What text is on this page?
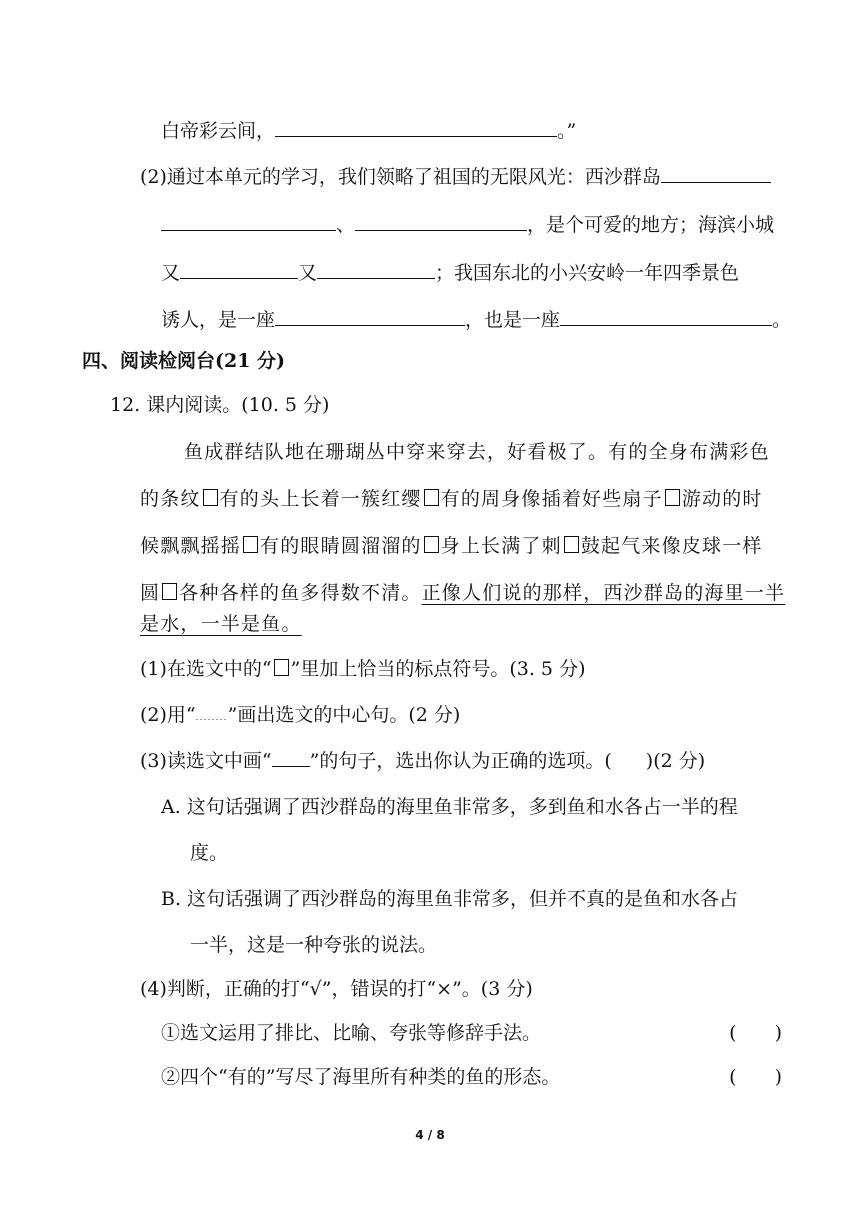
白帝彩云间，	。”
(2)通过本单元的学习，我们领略了祖国的无限风光：西沙群岛
、	，是个可爱的地方；海滨小城
又	又	；我国东北的小兴安岭一年四季景色
诱人，是一座	，也是一座	。
四、阅读检阅台(21 分)
12. 课内阅读。(10. 5 分)
鱼成群结队地在珊瑚丛中穿来穿去，好看极了。有的全身布满彩色
的条纹 有的头上长着一簇红缨 有的周身像插着好些扇子 游动的时
候飘飘摇摇 有的眼睛圆溜溜的 身上长满了刺 鼓起气来像皮球一样
圆 各种各样的鱼多得数不清。正像人们说的那样，西沙群岛的海里一半
是水，一半是鱼。
(1)在选文中的“ ”里加上恰当的标点符号。(3. 5 分)
(2)用“ ”画出选文的中心句。(2 分)
(3)读选文中画“ ”的句子，选出你认为正确的选项。( )(2 分)
A. 这句话强调了西沙群岛的海里鱼非常多，多到鱼和水各占一半的程
度。
B. 这句话强调了西沙群岛的海里鱼非常多，但并不真的是鱼和水各占
一半，这是一种夸张的说法。
(4)判断，正确的打“√”，错误的打“×”。(3 分)
①选文运用了排比、比喻、夸张等修辞手法。	(　　)
②四个“有的”写尽了海里所有种类的鱼的形态。	(　　)
4 / 8
